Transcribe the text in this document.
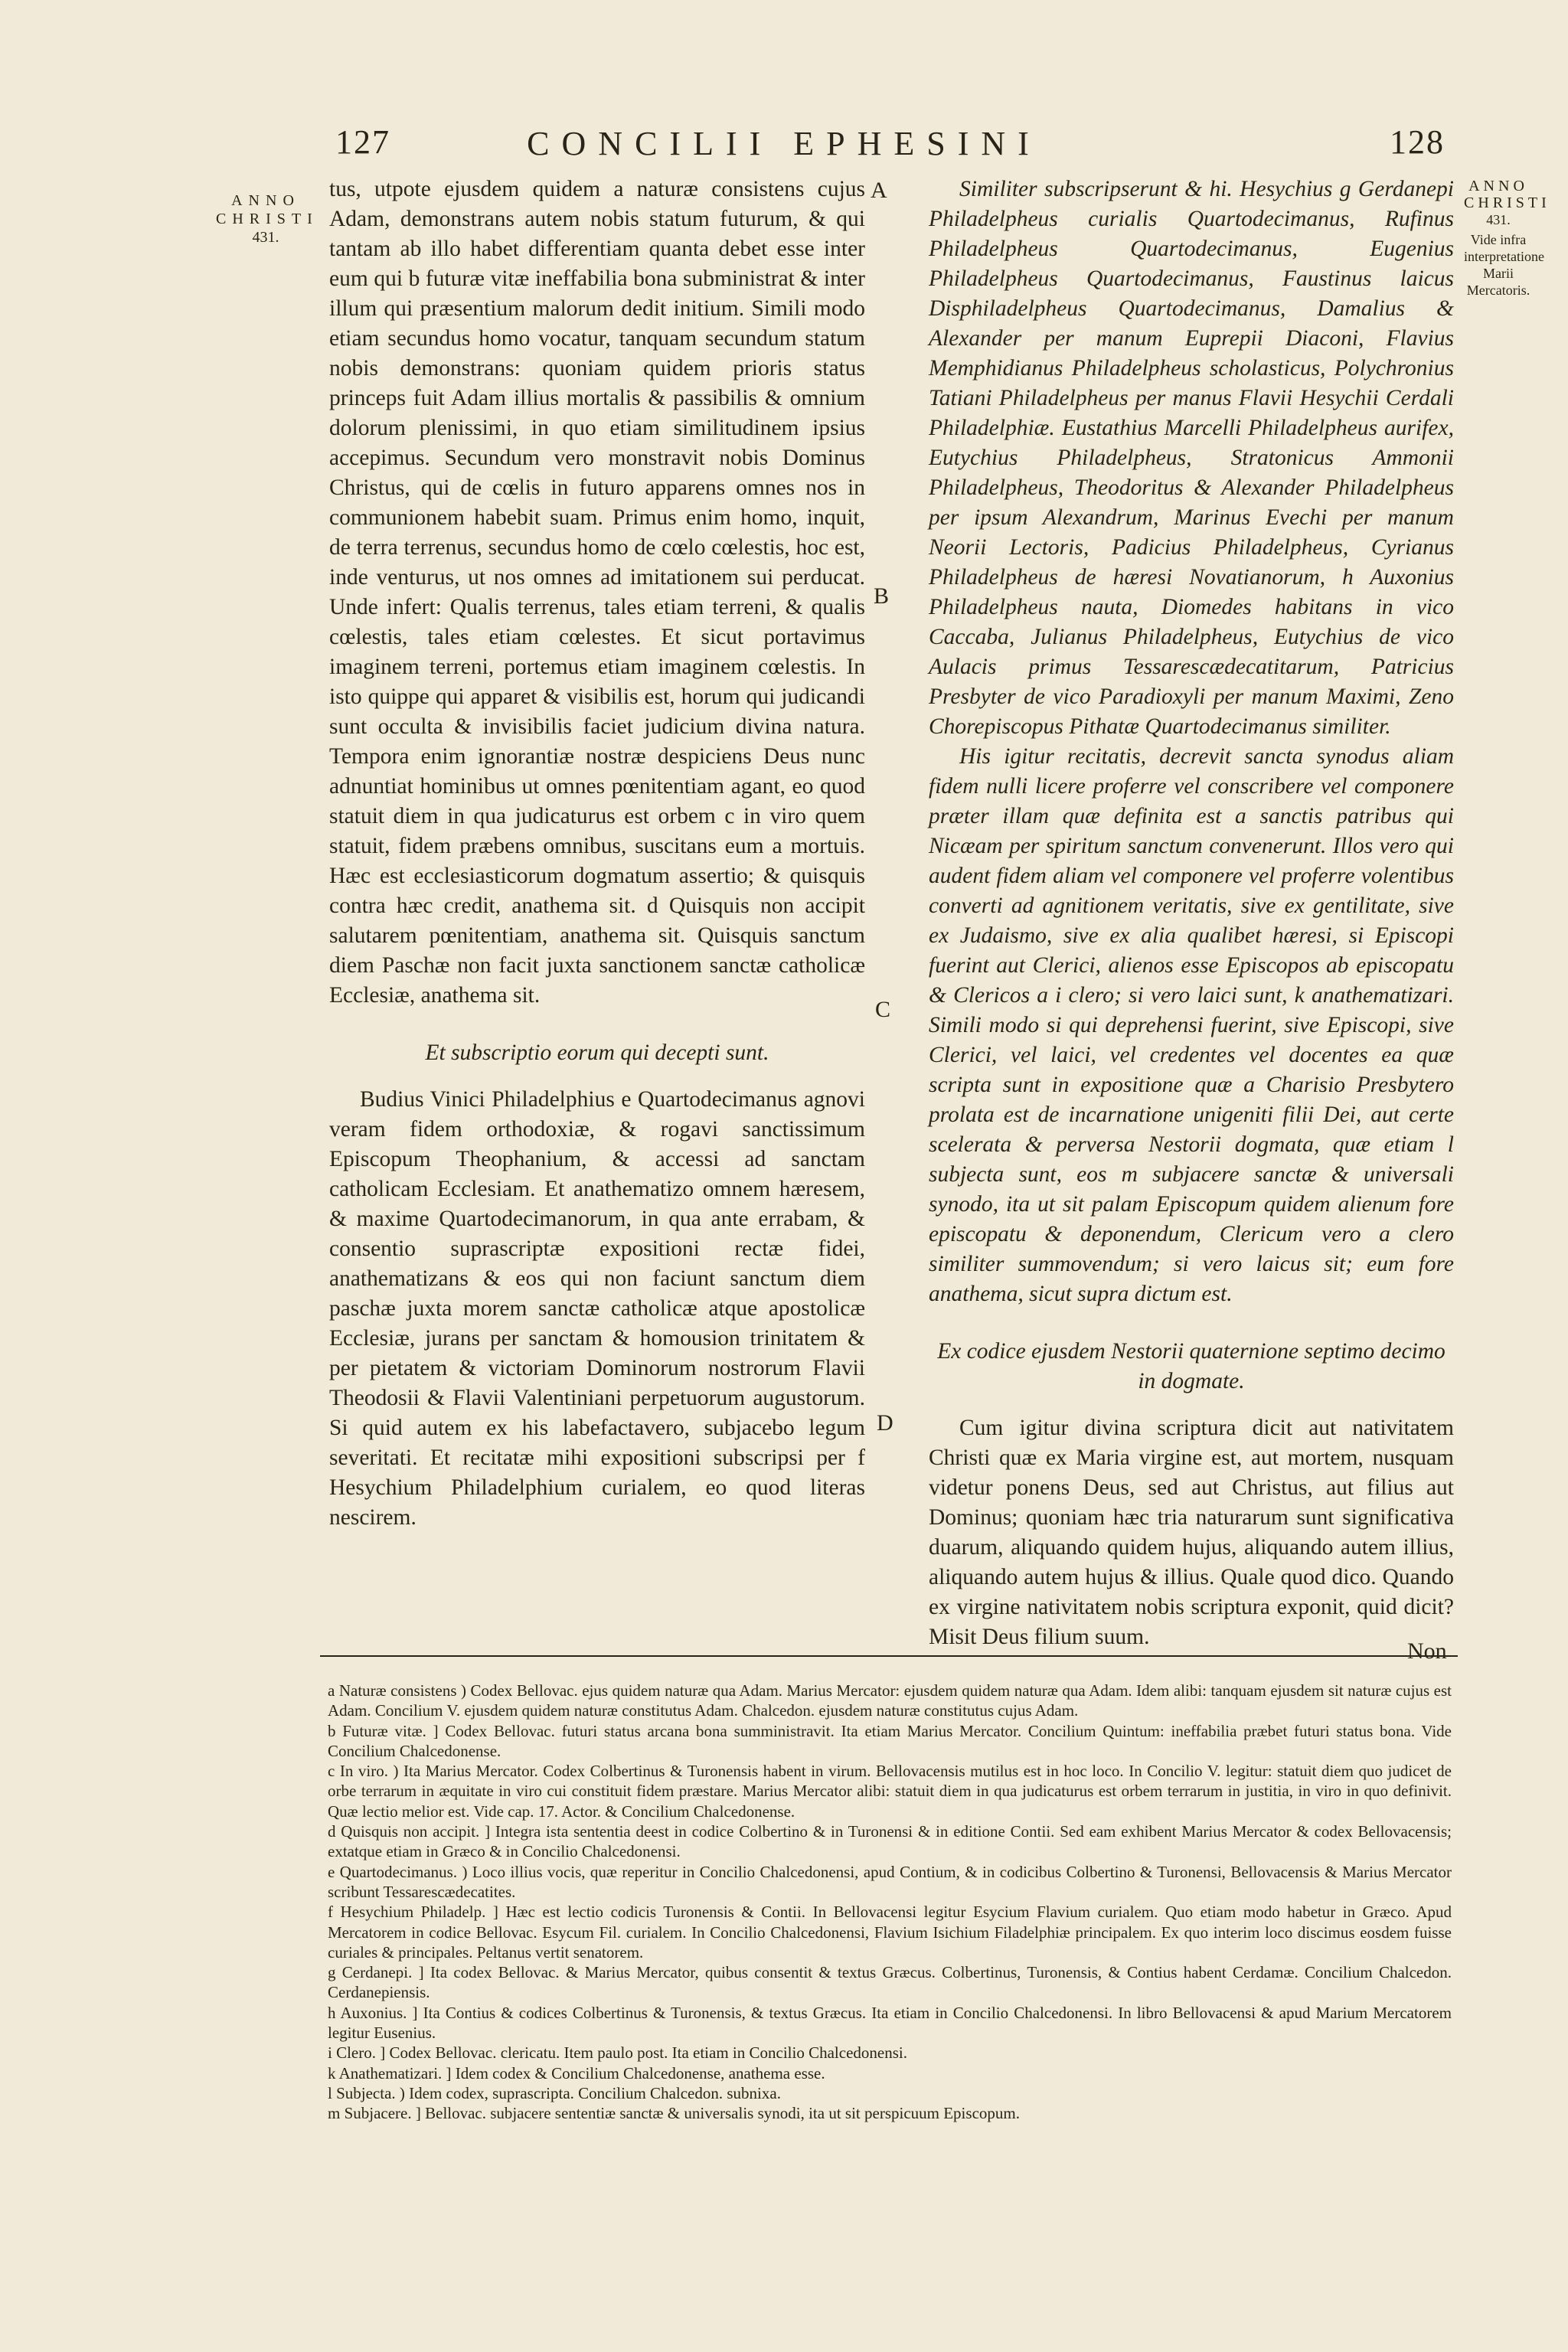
127	CONCILII EPHESINI	128
ANNO
CHRISTI
431.
ANNO
CHRISTI
431.
Vide infra interpretatione Marii Mercatoris.

tus, utpote ejusdem quidem a naturæ consistens cujus Adam, demonstrans autem nobis statum futurum, & qui tantam ab illo habet differentiam quanta debet esse inter eum qui b futuræ vitæ ineffabilia bona subministrat & inter illum qui præsentium malorum dedit initium. Simili modo etiam secundus homo vocatur, tanquam secundum statum nobis demonstrans: quoniam quidem prioris status princeps fuit Adam illius mortalis & passibilis & omnium dolorum plenissimi, in quo etiam similitudinem ipsius accepimus. Secundum vero monstravit nobis Dominus Christus, qui de cœlis in futuro apparens omnes nos in communionem habebit suam. Primus enim homo, inquit, de terra terrenus, secundus homo de cœlo cœlestis, hoc est, inde venturus, ut nos omnes ad imitationem sui perducat. Unde infert: Qualis terrenus, tales etiam terreni, & qualis cœlestis, tales etiam cœlestes. Et sicut portavimus imaginem terreni, portemus etiam imaginem cœlestis. In isto quippe qui apparet & visibilis est, horum qui judicandi sunt occulta & invisibilis faciet judicium divina natura. Tempora enim ignorantiæ nostræ despiciens Deus nunc adnuntiat hominibus ut omnes pœnitentiam agant, eo quod statuit diem in qua judicaturus est orbem c in viro quem statuit, fidem præbens omnibus, suscitans eum a mortuis. Hæc est ecclesiasticorum dogmatum assertio; & quisquis contra hæc credit, anathema sit. d Quisquis non accipit salutarem pœnitentiam, anathema sit. Quisquis sanctum diem Paschæ non facit juxta sanctionem sanctæ catholicæ Ecclesiæ, anathema sit.

Et subscriptio eorum qui decepti sunt.

Budius Vinici Philadelphius e Quartodecimanus agnovi veram fidem orthodoxiæ, & rogavi sanctissimum Episcopum Theophanium, & accessi ad sanctam catholicam Ecclesiam. Et anathematizo omnem hæresem, & maxime Quartodecimanorum, in qua ante errabam, & consentio suprascriptæ expositioni rectæ fidei, anathematizans & eos qui non faciunt sanctum diem paschæ juxta morem sanctæ catholicæ atque apostolicæ Ecclesiæ, jurans per sanctam & homousion trinitatem & per pietatem & victoriam Dominorum nostrorum Flavii Theodosii & Flavii Valentiniani perpetuorum augustorum. Si quid autem ex his labefactavero, subjacebo legum severitati. Et recitatæ mihi expositioni subscripsi per f Hesychium Philadelphium curialem, eo quod literas nescirem.

A
B
C
D

Similiter subscripserunt & hi. Hesychius g Gerdanepi Philadelpheus curialis Quartodecimanus, Rufinus Philadelpheus Quartodecimanus, Eugenius Philadelpheus Quartodecimanus, Faustinus laicus Disphiladelpheus Quartodecimanus, Damalius & Alexander per manum Euprepii Diaconi, Flavius Memphidianus Philadelpheus scholasticus, Polychronius Tatiani Philadelpheus per manus Flavii Hesychii Cerdali Philadelphiæ. Eustathius Marcelli Philadelpheus aurifex, Eutychius Philadelpheus, Stratonicus Ammonii Philadelpheus, Theodoritus & Alexander Philadelpheus per ipsum Alexandrum, Marinus Evechi per manum Neorii Lectoris, Padicius Philadelpheus, Cyrianus Philadelpheus de hæresi Novatianorum, h Auxonius Philadelpheus nauta, Diomedes habitans in vico Caccaba, Julianus Philadelpheus, Eutychius de vico Aulacis primus Tessarescædecatitarum, Patricius Presbyter de vico Paradioxyli per manum Maximi, Zeno Chorepiscopus Pithatæ Quartodecimanus similiter.

His igitur recitatis, decrevit sancta synodus aliam fidem nulli licere proferre vel conscribere vel componere præter illam quæ definita est a sanctis patribus qui Nicæam per spiritum sanctum convenerunt. Illos vero qui audent fidem aliam vel componere vel proferre volentibus converti ad agnitionem veritatis, sive ex gentilitate, sive ex Judaismo, sive ex alia qualibet hæresi, si Episcopi fuerint aut Clerici, alienos esse Episcopos ab episcopatu & Clericos a i clero; si vero laici sunt, k anathematizari. Simili modo si qui deprehensi fuerint, sive Episcopi, sive Clerici, vel laici, vel credentes vel docentes ea quæ scripta sunt in expositione quæ a Charisio Presbytero prolata est de incarnatione unigeniti filii Dei, aut certe scelerata & perversa Nestorii dogmata, quæ etiam l subjecta sunt, eos m subjacere sanctæ & universali synodo, ita ut sit palam Episcopum quidem alienum fore episcopatu & deponendum, Clericum vero a clero similiter summovendum; si vero laicus sit; eum fore anathema, sicut supra dictum est.

Ex codice ejusdem Nestorii quaternione septimo decimo in dogmate.

Cum igitur divina scriptura dicit aut nativitatem Christi quæ ex Maria virgine est, aut mortem, nusquam videtur ponens Deus, sed aut Christus, aut filius aut Dominus; quoniam hæc tria naturarum sunt significativa duarum, aliquando quidem hujus, aliquando autem illius, aliquando autem hujus & illius. Quale quod dico. Quando ex virgine nativitatem nobis scriptura exponit, quid dicit? Misit Deus filium suum.

Non

a Naturæ consistens ) Codex Bellovac. ejus quidem naturæ qua Adam. Marius Mercator: ejusdem quidem naturæ qua Adam. Idem alibi: tanquam ejusdem sit naturæ cujus est Adam. Concilium V. ejusdem quidem naturæ constitutus Adam. Chalcedon. ejusdem naturæ constitutus cujus Adam.

b Futuræ vitæ. ] Codex Bellovac. futuri status arcana bona sumministravit. Ita etiam Marius Mercator. Concilium Quintum: ineffabilia præbet futuri status bona. Vide Concilium Chalcedonense.

c In viro. ) Ita Marius Mercator. Codex Colbertinus & Turonensis habent in virum. Bellovacensis mutilus est in hoc loco. In Concilio V. legitur: statuit diem quo judicet de orbe terrarum in æquitate in viro cui constituit fidem præstare. Marius Mercator alibi: statuit diem in qua judicaturus est orbem terrarum in justitia, in viro in quo definivit. Quæ lectio melior est. Vide cap. 17. Actor. & Concilium Chalcedonense.

d Quisquis non accipit. ] Integra ista sententia deest in codice Colbertino & in Turonensi & in editione Contii. Sed eam exhibent Marius Mercator & codex Bellovacensis; extatque etiam in Græco & in Concilio Chalcedonensi.

e Quartodecimanus. ) Loco illius vocis, quæ reperitur in Concilio Chalcedonensi, apud Contium, & in codicibus Colbertino & Turonensi, Bellovacensis & Marius Mercator scribunt Tessarescædecatites.

f Hesychium Philadelp. ] Hæc est lectio codicis Turonensis & Contii. In Bellovacensi legitur Esycium Flavium curialem. Quo etiam modo habetur in Græco. Apud Mercatorem in codice Bellovac. Esycum Fil. curialem. In Concilio Chalcedonensi, Flavium Isichium Filadelphiæ principalem. Ex quo interim loco discimus eosdem fuisse curiales & principales. Peltanus vertit senatorem.

g Cerdanepi. ] Ita codex Bellovac. & Marius Mercator, quibus consentit & textus Græcus. Colbertinus, Turonensis, & Contius habent Cerdamæ. Concilium Chalcedon. Cerdanepiensis.

h Auxonius. ] Ita Contius & codices Colbertinus & Turonensis, & textus Græcus. Ita etiam in Concilio Chalcedonensi. In libro Bellovacensi & apud Marium Mercatorem legitur Eusenius.

i Clero. ] Codex Bellovac. clericatu. Item paulo post. Ita etiam in Concilio Chalcedonensi.

k Anathematizari. ] Idem codex & Concilium Chalcedonense, anathema esse.

l Subjecta. ) Idem codex, suprascripta. Concilium Chalcedon. subnixa.

m Subjacere. ] Bellovac. subjacere sententiæ sanctæ & universalis synodi, ita ut sit perspicuum Episcopum.
